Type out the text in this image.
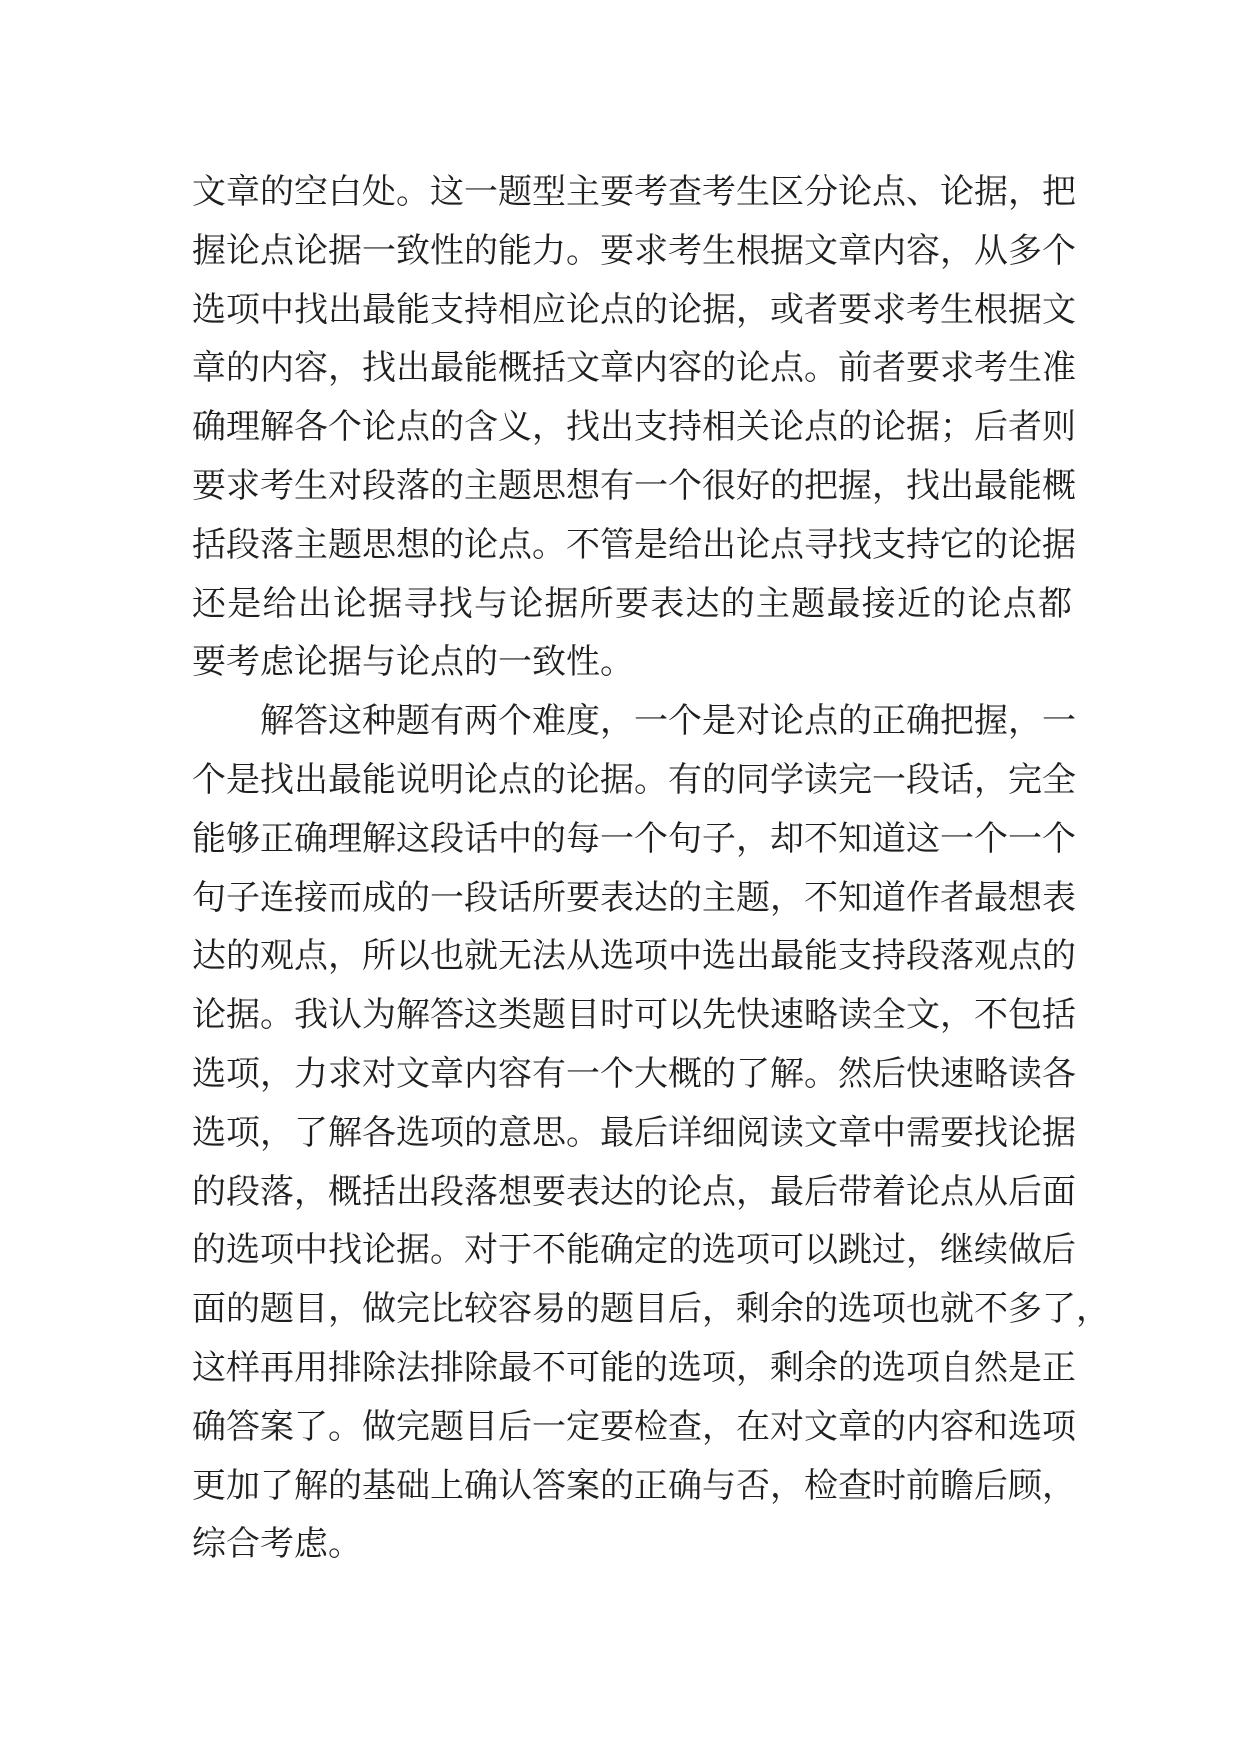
文章的空白处。这一题型主要考查考生区分论点、论据，把
握论点论据一致性的能力。要求考生根据文章内容，从多个
选项中找出最能支持相应论点的论据，或者要求考生根据文
章的内容，找出最能概括文章内容的论点。前者要求考生准
确理解各个论点的含义，找出支持相关论点的论据；后者则
要求考生对段落的主题思想有一个很好的把握，找出最能概
括段落主题思想的论点。不管是给出论点寻找支持它的论据
还是给出论据寻找与论据所要表达的主题最接近的论点都
要考虑论据与论点的一致性。
解答这种题有两个难度，一个是对论点的正确把握，一
个是找出最能说明论点的论据。有的同学读完一段话，完全
能够正确理解这段话中的每一个句子，却不知道这一个一个
句子连接而成的一段话所要表达的主题，不知道作者最想表
达的观点，所以也就无法从选项中选出最能支持段落观点的
论据。我认为解答这类题目时可以先快速略读全文，不包括
选项，力求对文章内容有一个大概的了解。然后快速略读各
选项，了解各选项的意思。最后详细阅读文章中需要找论据
的段落，概括出段落想要表达的论点，最后带着论点从后面
的选项中找论据。对于不能确定的选项可以跳过，继续做后
面的题目，做完比较容易的题目后，剩余的选项也就不多了，
这样再用排除法排除最不可能的选项，剩余的选项自然是正
确答案了。做完题目后一定要检查，在对文章的内容和选项
更加了解的基础上确认答案的正确与否，检查时前瞻后顾，
综合考虑。
